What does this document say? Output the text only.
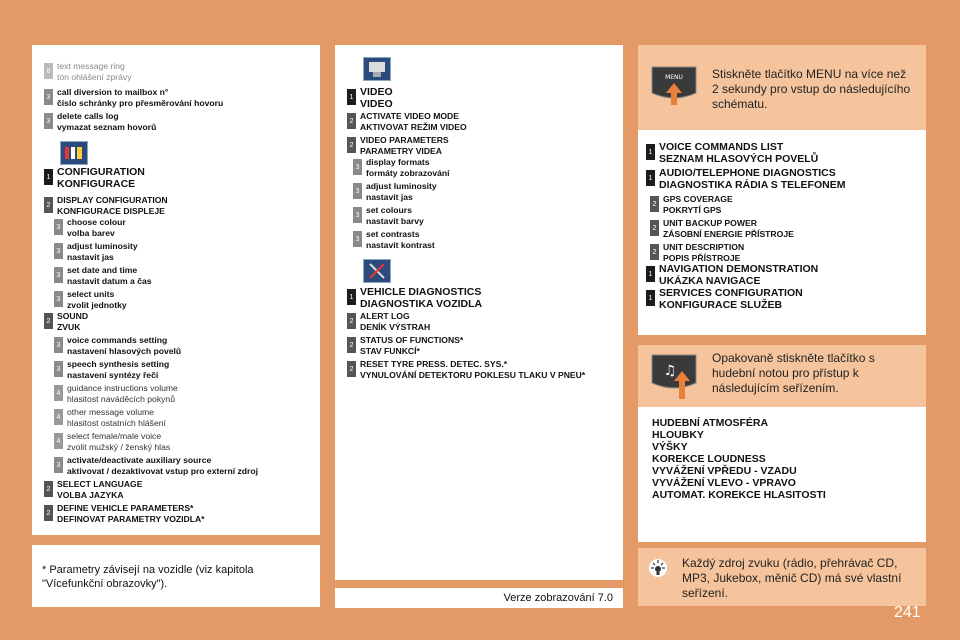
6 text message ring
tón ohlášení zprávy
3 call diversion to mailbox n°
číslo schránky pro přesměrování hovoru
3 delete calls log
vymazat seznam hovorů
1 CONFIGURATION
KONFIGURACE
2 DISPLAY CONFIGURATION
KONFIGURACE DISPLEJE
3 choose colour
volba barev
3 adjust luminosity
nastavit jas
3 set date and time
nastavit datum a čas
3 select units
zvolit jednotky
2 SOUND
ZVUK
3 voice commands setting
nastavení hlasových povelů
3 speech synthesis setting
nastavení syntézy řeči
4 guidance instructions volume
hlasitost naváděcích pokynů
4 other message volume
hlasitost ostatních hlášení
4 select female/male voice
zvolit mužský / ženský hlas
3 activate/deactivate auxiliary source
aktivovat / dezaktivovat vstup pro externí zdroj
2 SELECT LANGUAGE
VOLBA JAZYKA
2 DEFINE VEHICLE PARAMETERS*
DEFINOVAT PARAMETRY VOZIDLA*
1 VIDEO
VIDEO
2 ACTIVATE VIDEO MODE
AKTIVOVAT REŽIM VIDEO
2 VIDEO PARAMETERS
PARAMETRY VIDEA
3 display formats
formáty zobrazování
3 adjust luminosity
nastavit jas
3 set colours
nastavit barvy
3 set contrasts
nastavit kontrast
1 VEHICLE DIAGNOSTICS
DIAGNOSTIKA VOZIDLA
2 ALERT LOG
DENÍK VÝSTRAH
2 STATUS OF FUNCTIONS*
STAV FUNKCÍ*
2 RESET TYRE PRESS. DETEC. SYS.*
VYNULOVÁNÍ DETEKTORU POKLESU TLAKU V PNEU*
* Parametry závisejí na vozidle (viz kapitola "Vícefunkční obrazovky").
Verze zobrazování 7.0
MENU Stiskněte tlačítko MENU na více než 2 sekundy pro vstup do následujícího schématu.
1 VOICE COMMANDS LIST
SEZNAM HLASOVÝCH POVELŮ
1 AUDIO/TELEPHONE DIAGNOSTICS
DIAGNOSTIKA RÁDIA S TELEFONEM
2 GPS COVERAGE
POKRYTÍ GPS
2 UNIT BACKUP POWER
ZÁSOBNÍ ENERGIE PŘÍSTROJE
2 UNIT DESCRIPTION
POPIS PŘÍSTROJE
1 NAVIGATION DEMONSTRATION
UKÁZKA NAVIGACE
1 SERVICES CONFIGURATION
KONFIGURACE SLUŽEB
♫
Opakovaně stiskněte tlačítko s hudební notou pro přístup k následujícím seřízením.
HUDEBNÍ ATMOSFÉRA
HLOUBKY
VÝŠKY
KOREKCE LOUDNESS
VYVÁŽENÍ VPŘEDU - VZADU
VYVÁŽENÍ VLEVO - VPRAVO
AUTOMAT. KOREKCE HLASITOSTI
Každý zdroj zvuku (rádio, přehrávač CD, MP3, Jukebox, měnič CD) má své vlastní seřízení.
241
